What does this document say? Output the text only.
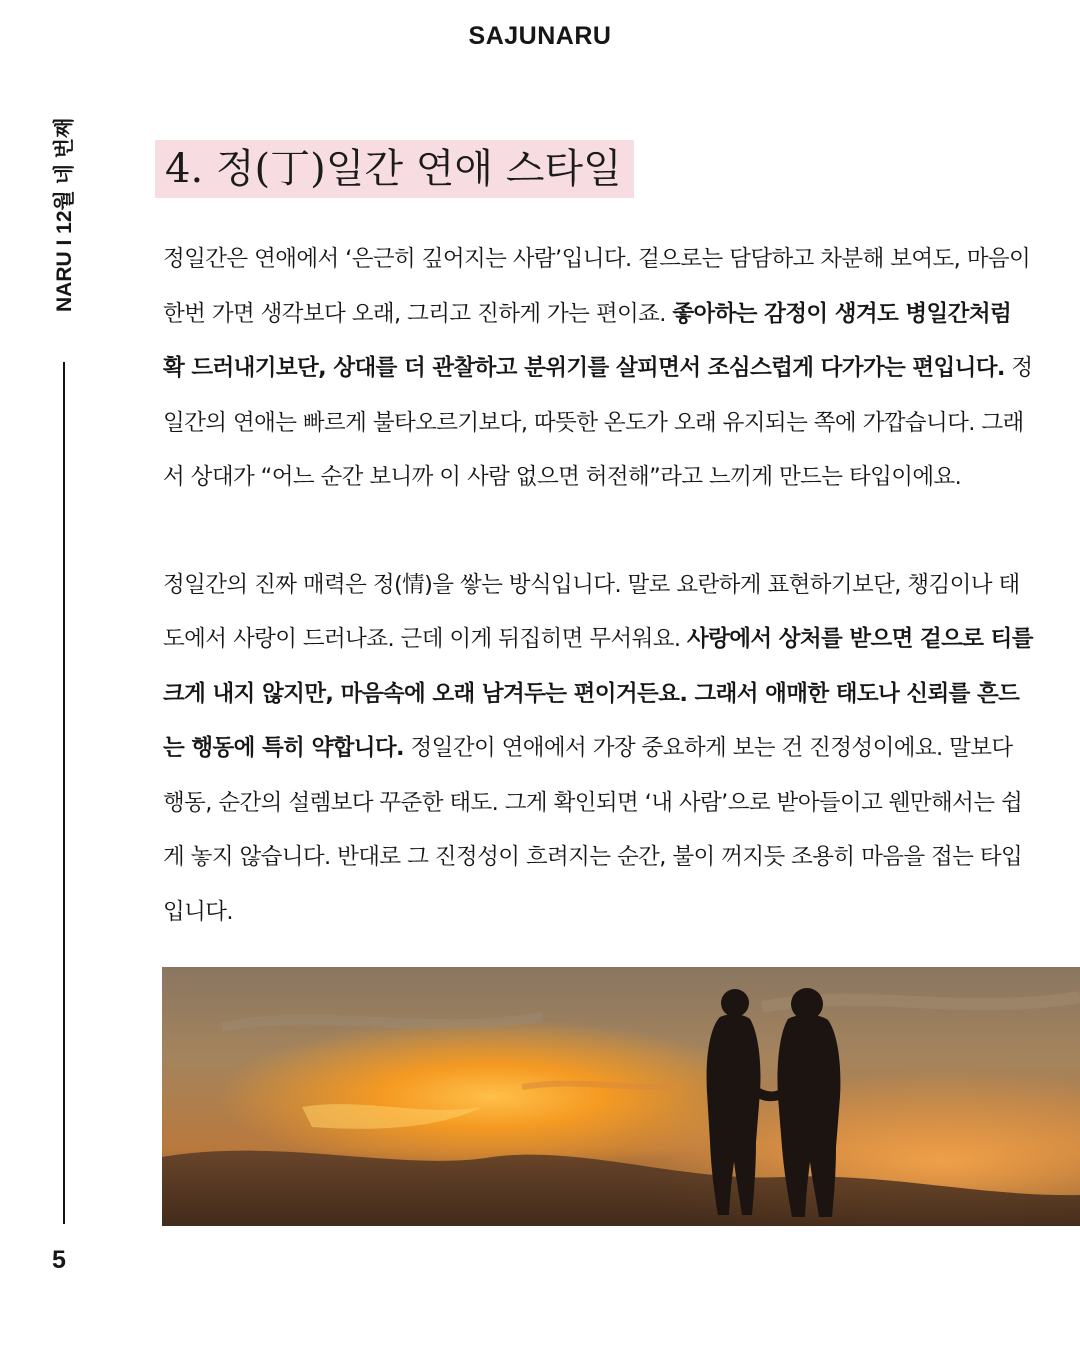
SAJUNARU
NARU I 12월 네 번째
5
4. 정(丁)일간 연애 스타일

정일간은 연애에서 ‘은근히 깊어지는 사람’입니다. 겉으로는 담담하고 차분해 보여도, 마음이 한번 가면 생각보다 오래, 그리고 진하게 가는 편이죠. 좋아하는 감정이 생겨도 병일간처럼 확 드러내기보단, 상대를 더 관찰하고 분위기를 살피면서 조심스럽게 다가가는 편입니다. 정일간의 연애는 빠르게 불타오르기보다, 따뜻한 온도가 오래 유지되는 쪽에 가깝습니다. 그래서 상대가 “어느 순간 보니까 이 사람 없으면 허전해”라고 느끼게 만드는 타입이에요.

정일간의 진짜 매력은 정(情)을 쌓는 방식입니다. 말로 요란하게 표현하기보단, 챙김이나 태도에서 사랑이 드러나죠. 근데 이게 뒤집히면 무서워요. 사랑에서 상처를 받으면 겉으로 티를 크게 내지 않지만, 마음속에 오래 남겨두는 편이거든요. 그래서 애매한 태도나 신뢰를 흔드는 행동에 특히 약합니다. 정일간이 연애에서 가장 중요하게 보는 건 진정성이에요. 말보다 행동, 순간의 설렘보다 꾸준한 태도. 그게 확인되면 ‘내 사람’으로 받아들이고 웬만해서는 쉽게 놓지 않습니다. 반대로 그 진정성이 흐려지는 순간, 불이 꺼지듯 조용히 마음을 접는 타입입니다.
